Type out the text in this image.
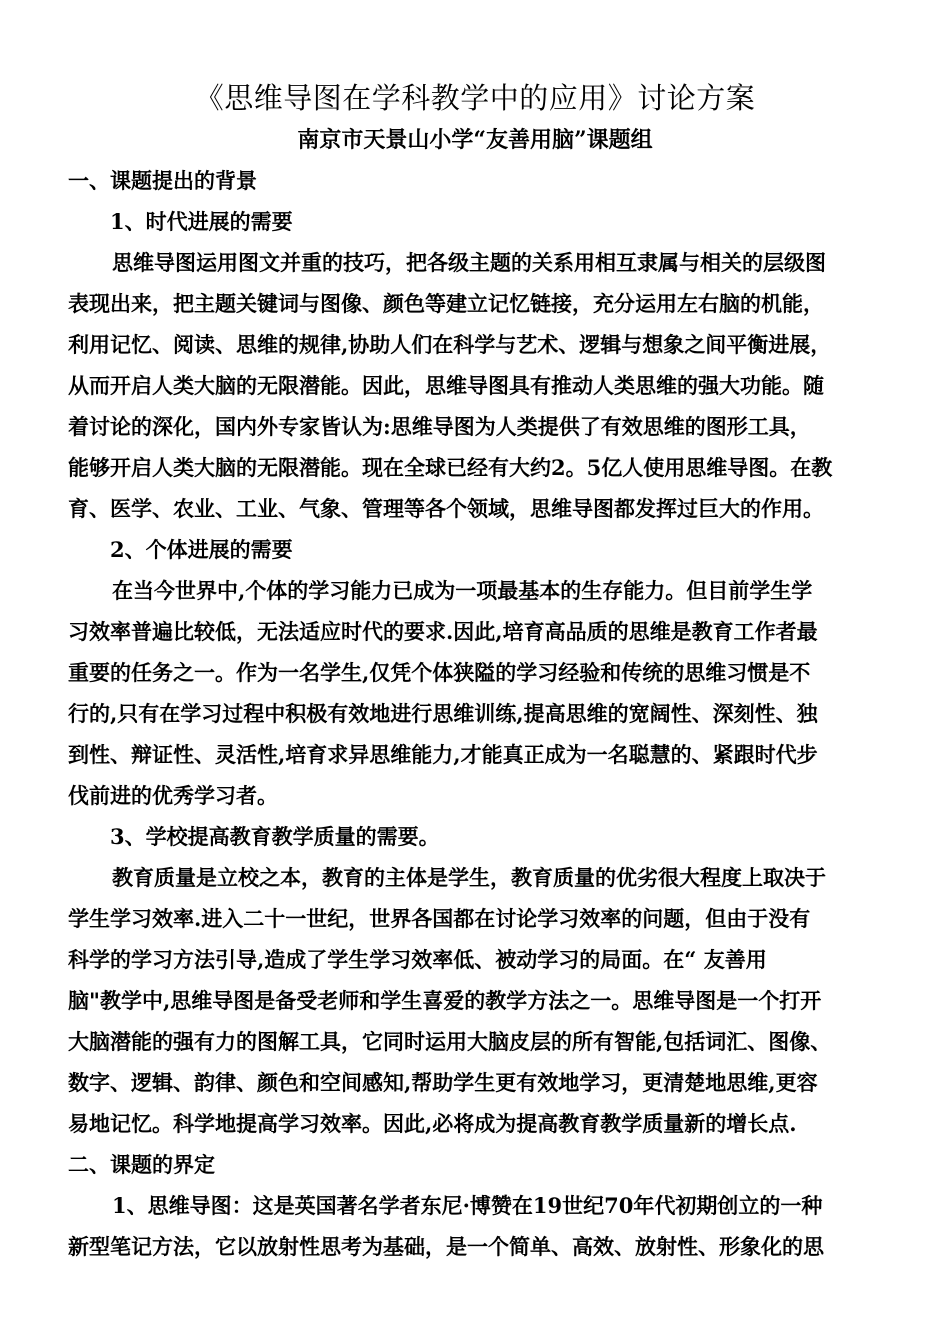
《思维导图在学科教学中的应用》讨论方案
南京市天景山小学“友善用脑”课题组
一、课题提出的背景
1、时代进展的需要
思维导图运用图文并重的技巧，把各级主题的关系用相互隶属与相关的层级图
表现出来，把主题关键词与图像、颜色等建立记忆链接，充分运用左右脑的机能，
利用记忆、阅读、思维的规律,协助人们在科学与艺术、逻辑与想象之间平衡进展，
从而开启人类大脑的无限潜能。因此，思维导图具有推动人类思维的强大功能。随
着讨论的深化，国内外专家皆认为:思维导图为人类提供了有效思维的图形工具，
能够开启人类大脑的无限潜能。现在全球已经有大约2。5亿人使用思维导图。在教
育、医学、农业、工业、气象、管理等各个领域，思维导图都发挥过巨大的作用。
2、个体进展的需要
在当今世界中,个体的学习能力已成为一项最基本的生存能力。但目前学生学
习效率普遍比较低，无法适应时代的要求.因此,培育高品质的思维是教育工作者最
重要的任务之一。作为一名学生,仅凭个体狭隘的学习经验和传统的思维习惯是不
行的,只有在学习过程中积极有效地进行思维训练,提高思维的宽阔性、深刻性、独
到性、辩证性、灵活性,培育求异思维能力,才能真正成为一名聪慧的、紧跟时代步
伐前进的优秀学习者。
3、学校提高教育教学质量的需要。
教育质量是立校之本，教育的主体是学生，教育质量的优劣很大程度上取决于
学生学习效率.进入二十一世纪，世界各国都在讨论学习效率的问题，但由于没有
科学的学习方法引导,造成了学生学习效率低、被动学习的局面。在“ 友善用
脑"教学中,思维导图是备受老师和学生喜爱的教学方法之一。思维导图是一个打开
大脑潜能的强有力的图解工具，它同时运用大脑皮层的所有智能,包括词汇、图像、
数字、逻辑、韵律、颜色和空间感知,帮助学生更有效地学习，更清楚地思维,更容
易地记忆。科学地提高学习效率。因此,必将成为提高教育教学质量新的增长点.
二、课题的界定
1、思维导图：这是英国著名学者东尼·博赞在19世纪70年代初期创立的一种
新型笔记方法，它以放射性思考为基础，是一个简单、高效、放射性、形象化的思
